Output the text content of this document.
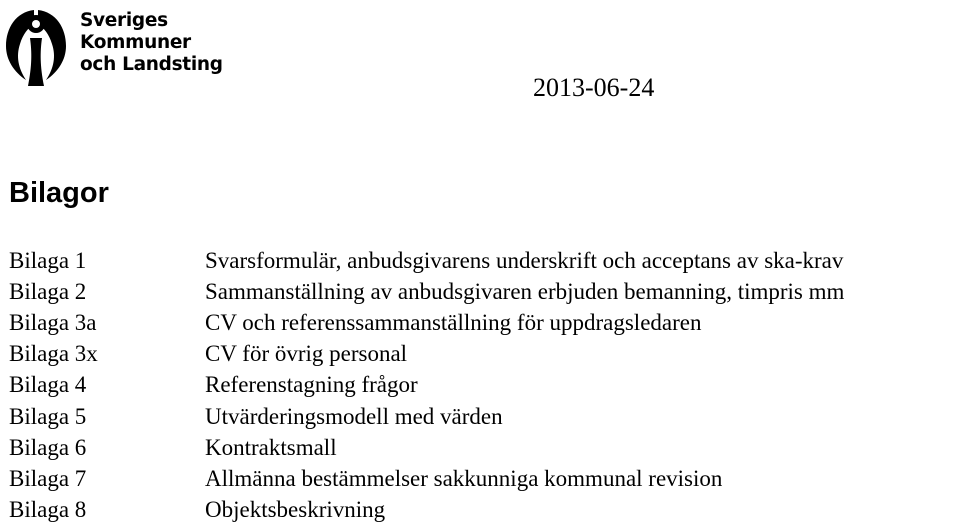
Sveriges
Kommuner
och Landsting
2013-06-24
Bilagor
Bilaga 1	Svarsformulär, anbudsgivarens underskrift och acceptans av ska-krav
Bilaga 2	Sammanställning av anbudsgivaren erbjuden bemanning, timpris mm
Bilaga 3a	CV och referenssammanställning för uppdragsledaren
Bilaga 3x	CV för övrig personal
Bilaga 4	Referenstagning frågor
Bilaga 5	Utvärderingsmodell med värden
Bilaga 6	Kontraktsmall
Bilaga 7	Allmänna bestämmelser sakkunniga kommunal revision
Bilaga 8	Objektsbeskrivning
